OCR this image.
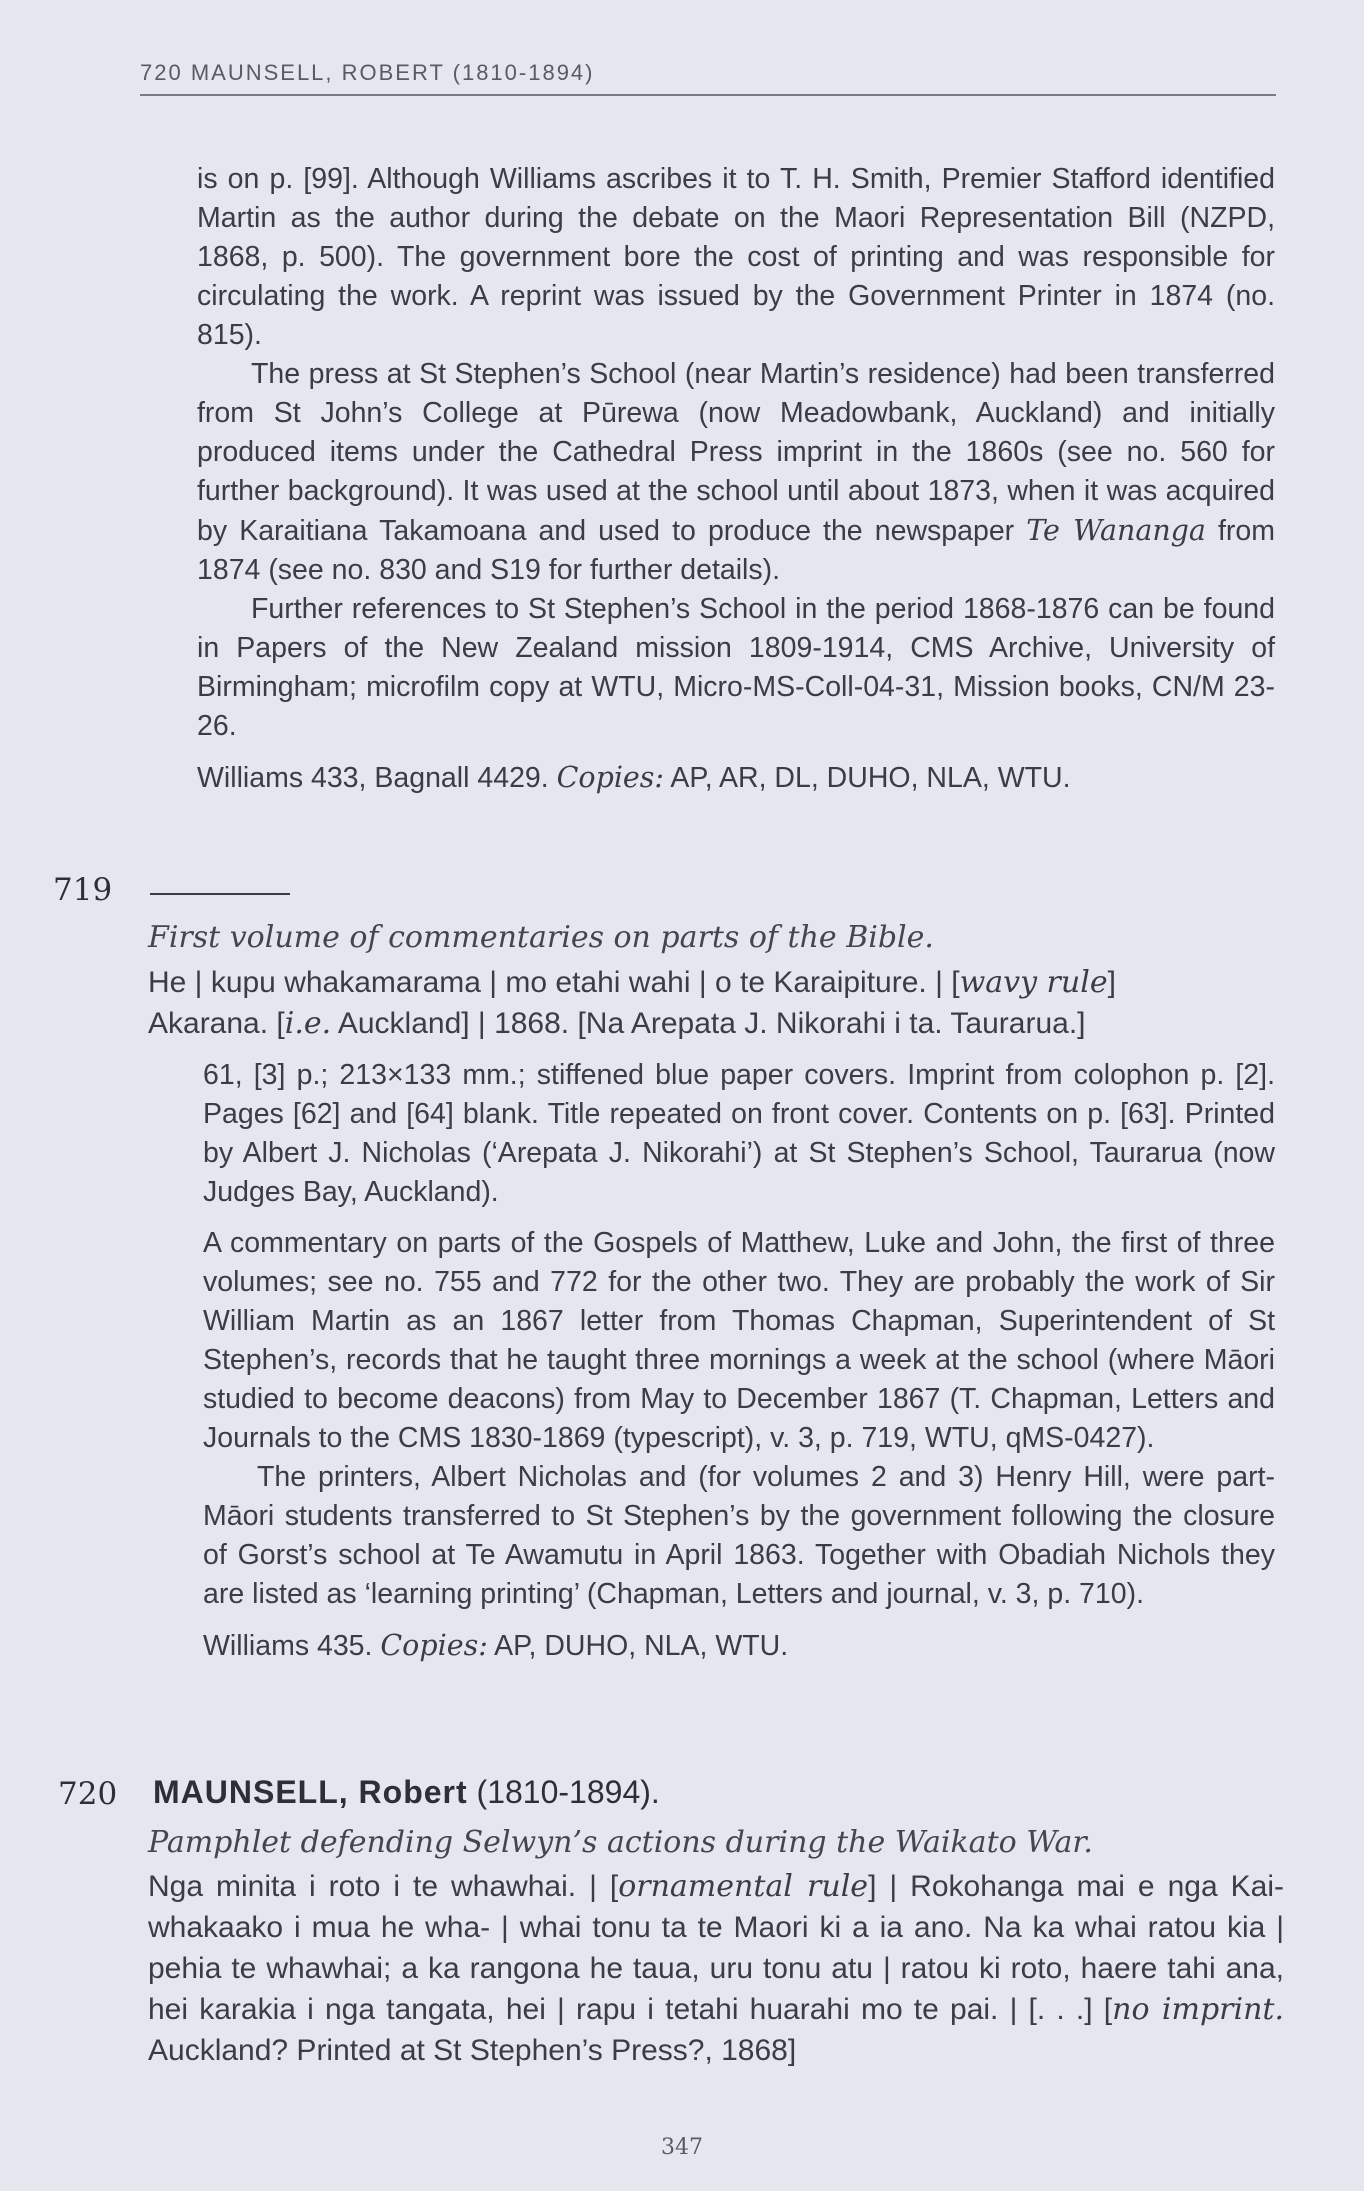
720 MAUNSELL, ROBERT (1810-1894)

is on p. [99]. Although Williams ascribes it to T. H. Smith, Premier Stafford identified Martin as the author during the debate on the Maori Representation Bill (NZPD, 1868, p. 500). The government bore the cost of printing and was responsible for circulating the work. A reprint was issued by the Government Printer in 1874 (no. 815).

The press at St Stephen’s School (near Martin’s residence) had been transferred from St John’s College at Pūrewa (now Meadowbank, Auckland) and initially produced items under the Cathedral Press imprint in the 1860s (see no. 560 for further background). It was used at the school until about 1873, when it was acquired by Karaitiana Takamoana and used to produce the newspaper Te Wananga from 1874 (see no. 830 and S19 for further details).

Further references to St Stephen’s School in the period 1868-1876 can be found in Papers of the New Zealand mission 1809-1914, CMS Archive, University of Birmingham; microfilm copy at WTU, Micro-MS-Coll-04-31, Mission books, CN/M 23-26.

Williams 433, Bagnall 4429. Copies: AP, AR, DL, DUHO, NLA, WTU.

719
First volume of commentaries on parts of the Bible.

He | kupu whakamarama | mo etahi wahi | o te Karaipiture. | [wavy rule]

Akarana. [i.e. Auckland] | 1868. [Na Arepata J. Nikorahi i ta. Taurarua.]

61, [3] p.; 213×133 mm.; stiffened blue paper covers. Imprint from colophon p. [2]. Pages [62] and [64] blank. Title repeated on front cover. Contents on p. [63]. Printed by Albert J. Nicholas (‘Arepata J. Nikorahi’) at St Stephen’s School, Taurarua (now Judges Bay, Auckland).

A commentary on parts of the Gospels of Matthew, Luke and John, the first of three volumes; see no. 755 and 772 for the other two. They are probably the work of Sir William Martin as an 1867 letter from Thomas Chapman, Superintendent of St Stephen’s, records that he taught three mornings a week at the school (where Māori studied to become deacons) from May to December 1867 (T. Chapman, Letters and Journals to the CMS 1830-1869 (typescript), v. 3, p. 719, WTU, qMS-0427).

The printers, Albert Nicholas and (for volumes 2 and 3) Henry Hill, were part-Māori students transferred to St Stephen’s by the government following the closure of Gorst’s school at Te Awamutu in April 1863. Together with Obadiah Nichols they are listed as ‘learning printing’ (Chapman, Letters and journal, v. 3, p. 710).

Williams 435. Copies: AP, DUHO, NLA, WTU.

720 MAUNSELL, Robert (1810-1894).
Pamphlet defending Selwyn’s actions during the Waikato War.

Nga minita i roto i te whawhai. | [ornamental rule] | Rokohanga mai e nga Kai-whakaako i mua he wha- | whai tonu ta te Maori ki a ia ano. Na ka whai ratou kia | pehia te whawhai; a ka rangona he taua, uru tonu atu | ratou ki roto, haere tahi ana, hei karakia i nga tangata, hei | rapu i tetahi huarahi mo te pai. | [. . .] [no imprint. Auckland? Printed at St Stephen’s Press?, 1868]

347
